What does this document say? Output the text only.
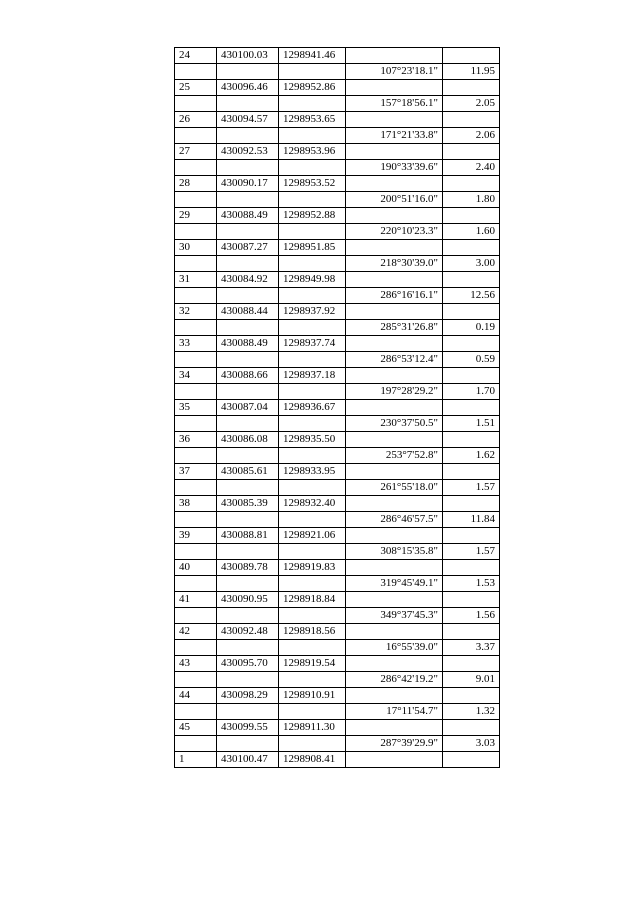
24	430100.03	1298941.46		
			107°23'18.1"	11.95
25	430096.46	1298952.86		
			157°18'56.1"	2.05
26	430094.57	1298953.65		
			171°21'33.8"	2.06
27	430092.53	1298953.96		
			190°33'39.6"	2.40
28	430090.17	1298953.52		
			200°51'16.0"	1.80
29	430088.49	1298952.88		
			220°10'23.3"	1.60
30	430087.27	1298951.85		
			218°30'39.0"	3.00
31	430084.92	1298949.98		
			286°16'16.1"	12.56
32	430088.44	1298937.92		
			285°31'26.8"	0.19
33	430088.49	1298937.74		
			286°53'12.4"	0.59
34	430088.66	1298937.18		
			197°28'29.2"	1.70
35	430087.04	1298936.67		
			230°37'50.5"	1.51
36	430086.08	1298935.50		
			253°7'52.8"	1.62
37	430085.61	1298933.95		
			261°55'18.0"	1.57
38	430085.39	1298932.40		
			286°46'57.5"	11.84
39	430088.81	1298921.06		
			308°15'35.8"	1.57
40	430089.78	1298919.83		
			319°45'49.1"	1.53
41	430090.95	1298918.84		
			349°37'45.3"	1.56
42	430092.48	1298918.56		
			16°55'39.0"	3.37
43	430095.70	1298919.54		
			286°42'19.2"	9.01
44	430098.29	1298910.91		
			17°11'54.7"	1.32
45	430099.55	1298911.30		
			287°39'29.9"	3.03
1	430100.47	1298908.41		
